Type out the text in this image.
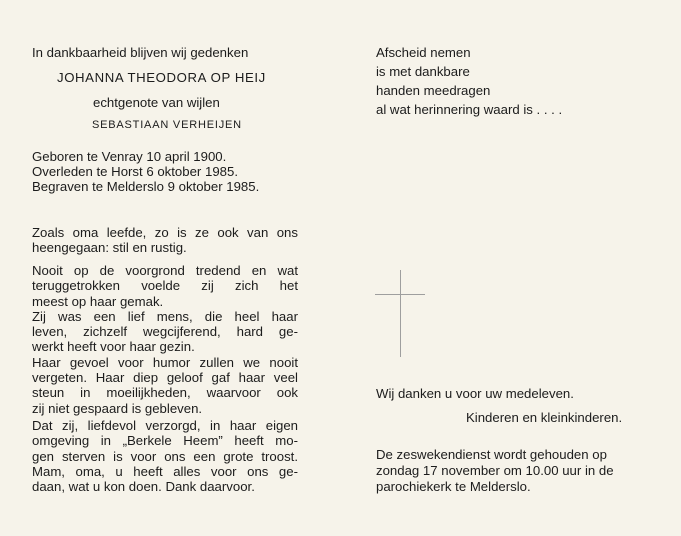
In dankbaarheid blijven wij gedenken
JOHANNA THEODORA OP HEIJ
echtgenote van wijlen
SEBASTIAAN VERHEIJEN
Geboren te Venray 10 april 1900.
Overleden te Horst 6 oktober 1985.
Begraven te Melderslo 9 oktober 1985.
Zoals oma leefde, zo is ze ook van ons
heengegaan: stil en rustig.
Nooit op de voorgrond tredend en wat
teruggetrokken voelde zij zich het
meest op haar gemak.
Zij was een lief mens, die heel haar
leven, zichzelf wegcijferend, hard ge-
werkt heeft voor haar gezin.
Haar gevoel voor humor zullen we nooit
vergeten. Haar diep geloof gaf haar veel
steun in moeilijkheden, waarvoor ook
zij niet gespaard is gebleven.
Dat zij, liefdevol verzorgd, in haar eigen
omgeving in „Berkele Heem” heeft mo-
gen sterven is voor ons een grote troost.
Mam, oma, u heeft alles voor ons ge-
daan, wat u kon doen. Dank daarvoor.
Afscheid nemen
is met dankbare
handen meedragen
al wat herinnering waard is . . . .
Wij danken u voor uw medeleven.
Kinderen en kleinkinderen.
De zeswekendienst wordt gehouden op
zondag 17 november om 10.00 uur in de
parochiekerk te Melderslo.
